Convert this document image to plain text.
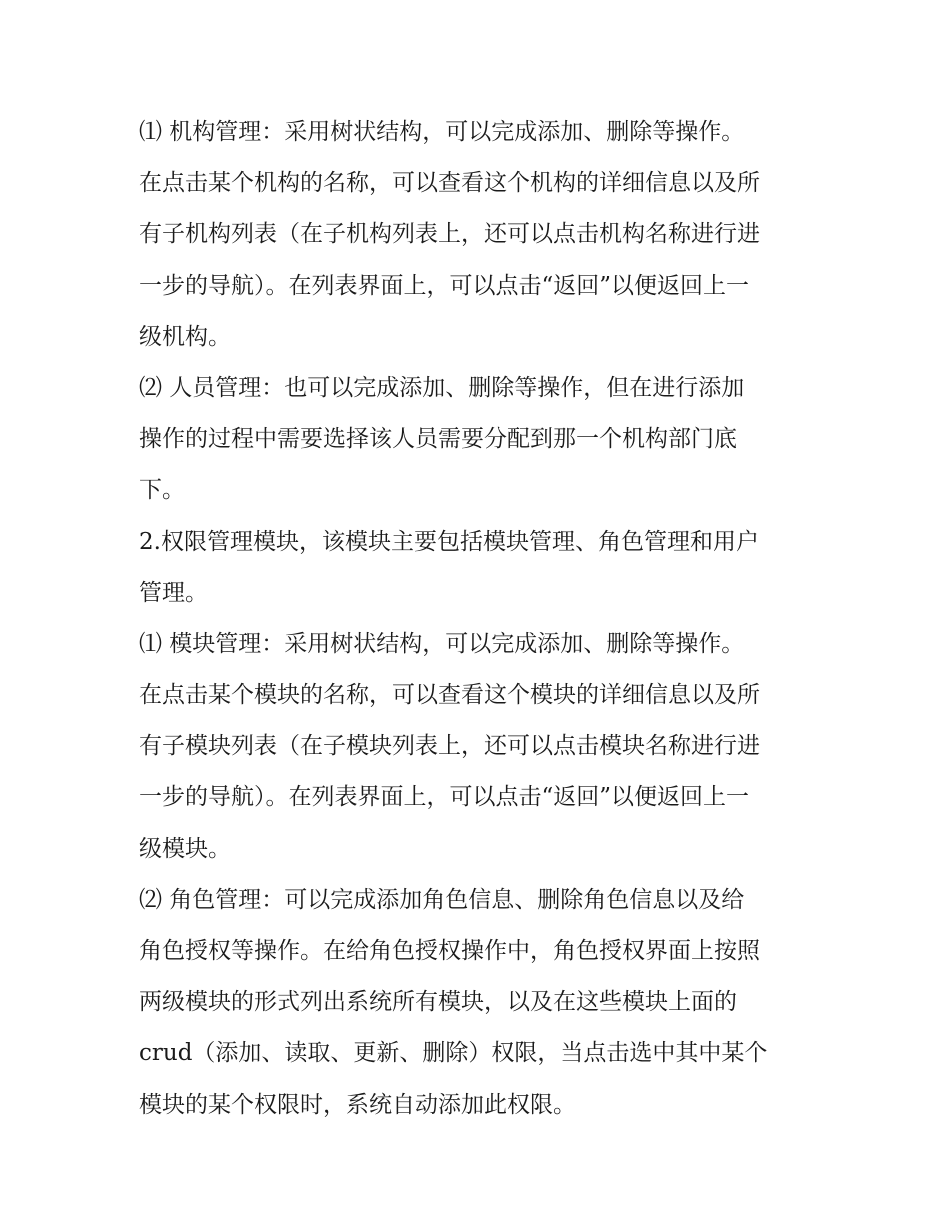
⑴ 机构管理：采用树状结构，可以完成添加、删除等操作。
在点击某个机构的名称，可以查看这个机构的详细信息以及所
有子机构列表（在子机构列表上，还可以点击机构名称进行进
一步的导航）。在列表界面上，可以点击“返回”以便返回上一
级机构。
⑵ 人员管理：也可以完成添加、删除等操作，但在进行添加
操作的过程中需要选择该人员需要分配到那一个机构部门底
下。
2.权限管理模块，该模块主要包括模块管理、角色管理和用户
管理。
⑴ 模块管理：采用树状结构，可以完成添加、删除等操作。
在点击某个模块的名称，可以查看这个模块的详细信息以及所
有子模块列表（在子模块列表上，还可以点击模块名称进行进
一步的导航）。在列表界面上，可以点击“返回”以便返回上一
级模块。
⑵ 角色管理：可以完成添加角色信息、删除角色信息以及给
角色授权等操作。在给角色授权操作中，角色授权界面上按照
两级模块的形式列出系统所有模块，以及在这些模块上面的
crud（添加、读取、更新、删除）权限，当点击选中其中某个
模块的某个权限时，系统自动添加此权限。
